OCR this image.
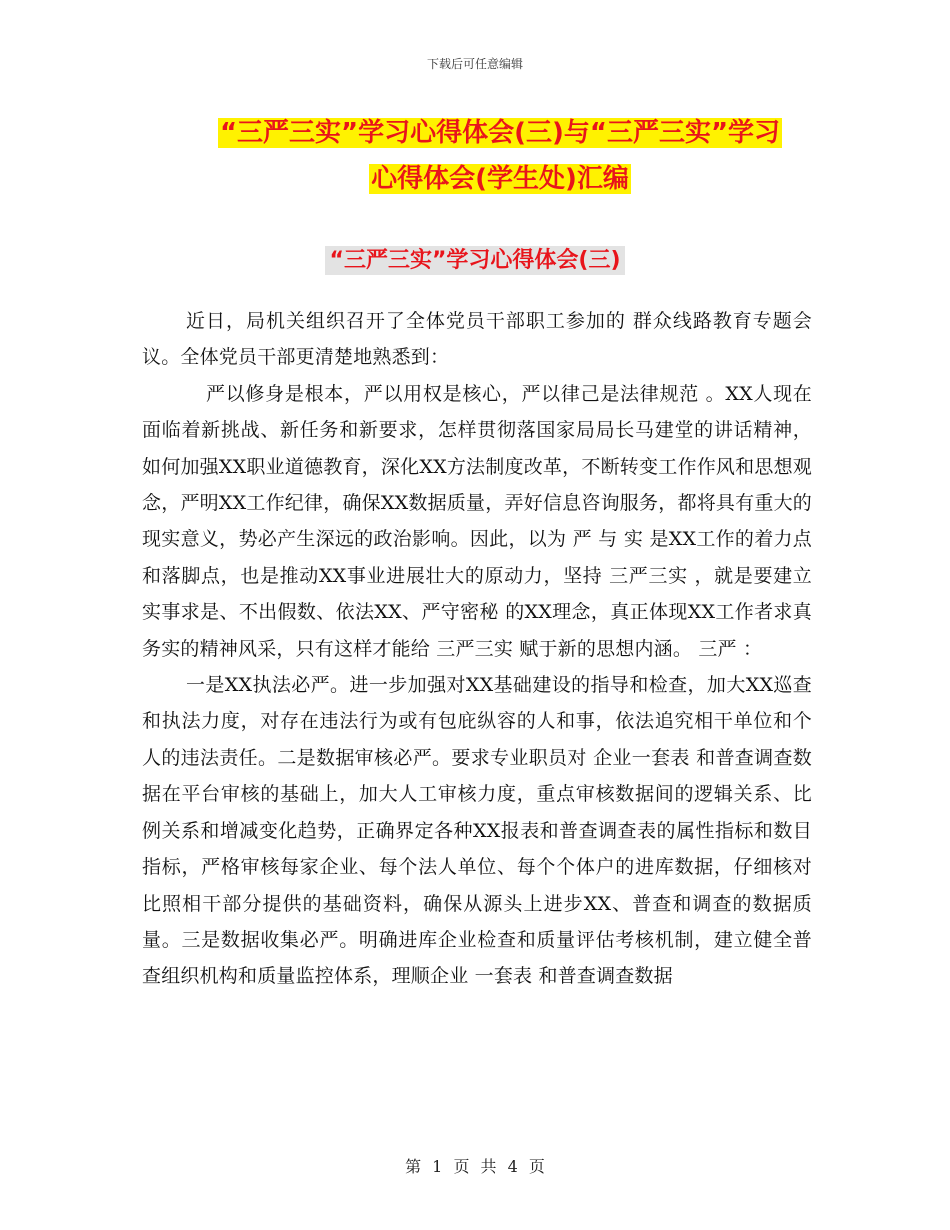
下载后可任意编辑
“三严三实”学习心得体会(三)与“三严三实”学习
心得体会(学生处)汇编
“三严三实”学习心得体会(三)

近日，局机关组织召开了全体党员干部职工参加的 群众线路教育专题会议。全体党员干部更清楚地熟悉到：

严以修身是根本，严以用权是核心，严以律己是法律规范 。XX人现在面临着新挑战、新任务和新要求，怎样贯彻落国家局局长马建堂的讲话精神，如何加强XX职业道德教育，深化XX方法制度改革，不断转变工作作风和思想观念，严明XX工作纪律，确保XX数据质量，弄好信息咨询服务，都将具有重大的现实意义，势必产生深远的政治影响。因此，以为 严 与 实 是XX工作的着力点和落脚点，也是推动XX事业进展壮大的原动力，坚持 三严三实 ，就是要建立 实事求是、不出假数、依法XX、严守密秘 的XX理念，真正体现XX工作者求真务实的精神风采，只有这样才能给 三严三实 赋于新的思想内涵。 三严 ：

一是XX执法必严。进一步加强对XX基础建设的指导和检查，加大XX巡查和执法力度，对存在违法行为或有包庇纵容的人和事，依法追究相干单位和个人的违法责任。二是数据审核必严。要求专业职员对 企业一套表 和普查调查数据在平台审核的基础上，加大人工审核力度，重点审核数据间的逻辑关系、比例关系和增减变化趋势，正确界定各种XX报表和普查调查表的属性指标和数目指标，严格审核每家企业、每个法人单位、每个个体户的进库数据，仔细核对比照相干部分提供的基础资料，确保从源头上进步XX、普查和调查的数据质量。三是数据收集必严。明确进库企业检查和质量评估考核机制，建立健全普查组织机构和质量监控体系，理顺企业 一套表 和普查调查数据

第 1 页 共 4 页
